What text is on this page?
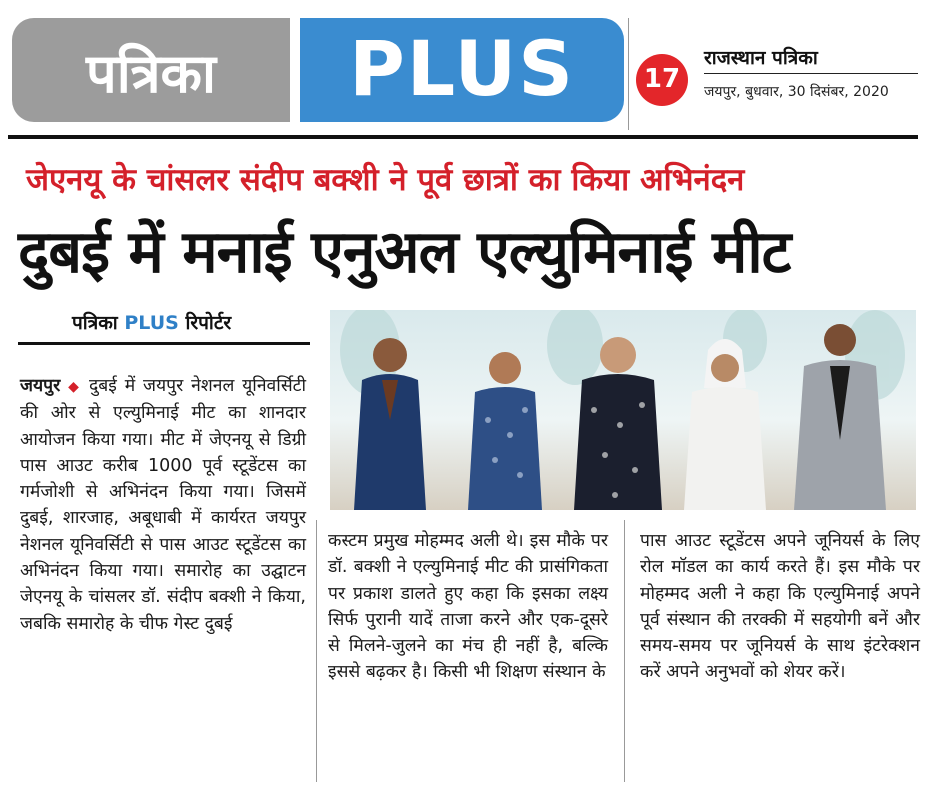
पत्रिका	PLUS	17
राजस्थान पत्रिका
जयपुर, बुधवार, 30 दिसंबर, 2020
जेएनयू के चांसलर संदीप बक्शी ने पूर्व छात्रों का किया अभिनंदन
दुबई में मनाई एनुअल एल्युमिनाई मीट
पत्रिका PLUS रिपोर्टर
जयपुर ◆ दुबई में जयपुर नेशनल यूनिवर्सिटी की ओर से एल्युमिनाई मीट का शानदार आयोजन किया गया। मीट में जेएनयू से डिग्री पास आउट करीब 1000 पूर्व स्टूडेंटस का गर्मजोशी से अभिनंदन किया गया। जिसमें दुबई, शारजाह, अबूधाबी में कार्यरत जयपुर नेशनल यूनिवर्सिटी से पास आउट स्टूडेंटस का अभिनंदन किया गया। समारोह का उद्घाटन जेएनयू के चांसलर डॉ. संदीप बक्शी ने किया, जबकि समारोह के चीफ गेस्ट दुबई
कस्टम प्रमुख मोहम्मद अली थे। इस मौके पर डॉ. बक्शी ने एल्युमिनाई मीट की प्रासंगिकता पर प्रकाश डालते हुए कहा कि इसका लक्ष्य सिर्फ पुरानी यादें ताजा करने और एक-दूसरे से मिलने-जुलने का मंच ही नहीं है, बल्कि इससे बढ़कर है। किसी भी शिक्षण संस्थान के
पास आउट स्टूडेंटस अपने जूनियर्स के लिए रोल मॉडल का कार्य करते हैं। इस मौके पर मोहम्मद अली ने कहा कि एल्युमिनाई अपने पूर्व संस्थान की तरक्की में सहयोगी बनें और समय-समय पर जूनियर्स के साथ इंटरेक्शन करें अपने अनुभवों को शेयर करें।
